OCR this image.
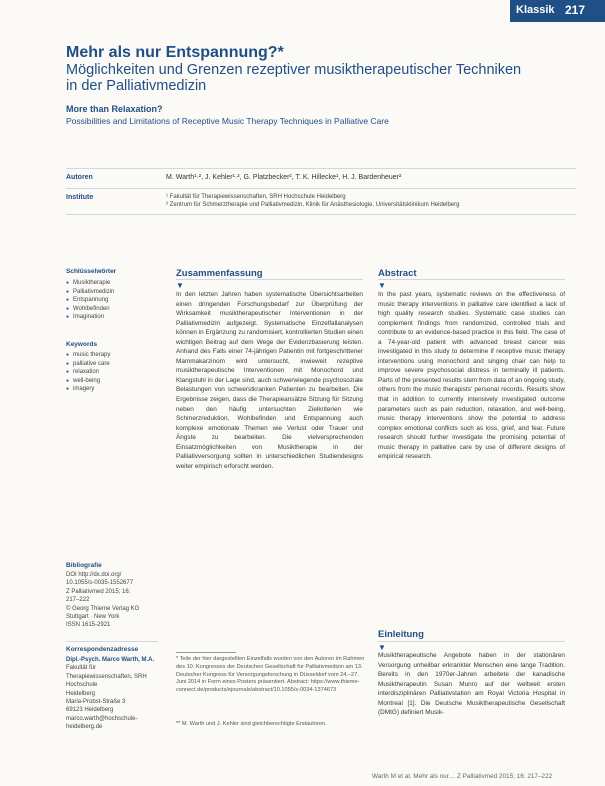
Klassik 217
Mehr als nur Entspannung?*
Möglichkeiten und Grenzen rezeptiver musiktherapeutischer Techniken in der Palliativmedizin
More than Relaxation?
Possibilities and Limitations of Receptive Music Therapy Techniques in Palliative Care
Autoren	M. Warth¹·², J. Kehler¹·², G. Platzbecker², T. K. Hillecke¹, H. J. Bardenheuer²
Institute	¹ Fakultät für Therapiewissenschaften, SRH Hochschule Heidelberg
² Zentrum für Schmerztherapie und Palliativmedizin, Klinik für Anästhesiologie, Universitätsklinikum Heidelberg
Schlüsselwörter
● Musiktherapie
● Palliativmedizin
● Entspannung
● Wohlbefinden
● Imagination
Keywords
● music therapy
● palliative care
● relaxation
● well-being
● imagery
Bibliografie
DOI http://dx.doi.org/
10.1055/s-0035-1552677
Z Palliativmed 2015; 16:
217–222
© Georg Thieme Verlag KG
Stuttgart · New York
ISSN 1615-2921
Korrespondenzadresse
Dipl.-Psych. Marco Warth, M.A.
Fakultät für Therapiewissenschaften, SRH Hochschule
Heidelberg
Maria-Probst-Straße 3
69123 Heidelberg
marco.warth@hochschule-
heidelberg.de
Zusammenfassung
▼
In den letzten Jahren haben systematische Übersichtsarbeiten einen dringenden Forschungsbedarf zur Überprüfung der Wirksamkeit musiktherapeutischer Interventionen in der Palliativmedizin aufgezeigt. Systematische Einzelfallanalysen können in Ergänzung zu randomisiert, kontrollierten Studien einen wichtigen Beitrag auf dem Wege der Evidenzbasierung leisten. Anhand des Falls einer 74-jährigen Patientin mit fortgeschrittener Mammakarzinom wird untersucht, inwieweit rezeptive musiktherapeutische Interventionen mit Monochord und Klangstuhl in der Lage sind, auch schwerwiegende psychosoziale Belastungen von schwerstkranken Patienten zu bearbeiten. Die Ergebnisse zeigen, dass die Therapieansätze Sitzung für Sitzung neben den häufig untersuchten Zielkriterien wie Schmerzreduktion, Wohlbefinden und Entspannung auch komplexe emotionale Themen wie Verlust oder Trauer und Ängste zu bearbeiten. Die vielversprechenden Einsatzmöglichkeiten von Musiktherapie in der Palliativversorgung sollten in unterschiedlichen Studiendesigns weiter empirisch erforscht werden.
Abstract
▼
In the past years, systematic reviews on the effectiveness of music therapy interventions in palliative care identified a lack of high quality research studies. Systematic case studies can complement findings from randomized, controlled trials and contribute to an evidence-based practice in this field. The case of a 74-year-old patient with advanced breast cancer was investigated in this study to determine if receptive music therapy interventions using monochord and singing chair can help to improve severe psychosocial distress in terminally ill patients. Parts of the presented results stem from data of an ongoing study, others from the music therapists' personal records. Results show that in addition to currently intensively investigated outcome parameters such as pain reduction, relaxation, and well-being, music therapy interventions show the potential to address complex emotional conflicts such as loss, grief, and fear. Future research should further investigate the promising potential of music therapy in palliative care by use of different designs of empirical research.
Einleitung
▼
Musiktherapeutische Angebote haben in der stationären Versorgung unheilbar erkrankter Menschen eine lange Tradition. Bereits in den 1970er-Jahren arbeitete der kanadische Musiktherapeutin Susan Munro auf der weltweit ersten interdisziplinären Palliativstation am Royal Victoria Hospital in Montreal [1]. Die Deutsche Musiktherapeutische Gesellschaft (DMtG) definiert Musik-
* Teile der hier dargestellten Einzelfalls wurden von den Autoren im Rahmen des 10. Kongresses der Deutschen Gesellschaft für Palliativmedizin am 13. Deutscher Kongress für Versorgungsforschung in Düsseldorf vom 24.–27. Juni 2014 in Form eines Posters präsentiert. Abstract: https://www.thieme-connect.de/products/ejournals/abstract/10.1055/s-0034-1374673
** M. Warth und J. Kehler sind gleichberechtigte Erstautoren.
Warth M et al. Mehr als nur… Z Palliativmed 2015; 16: 217–222
